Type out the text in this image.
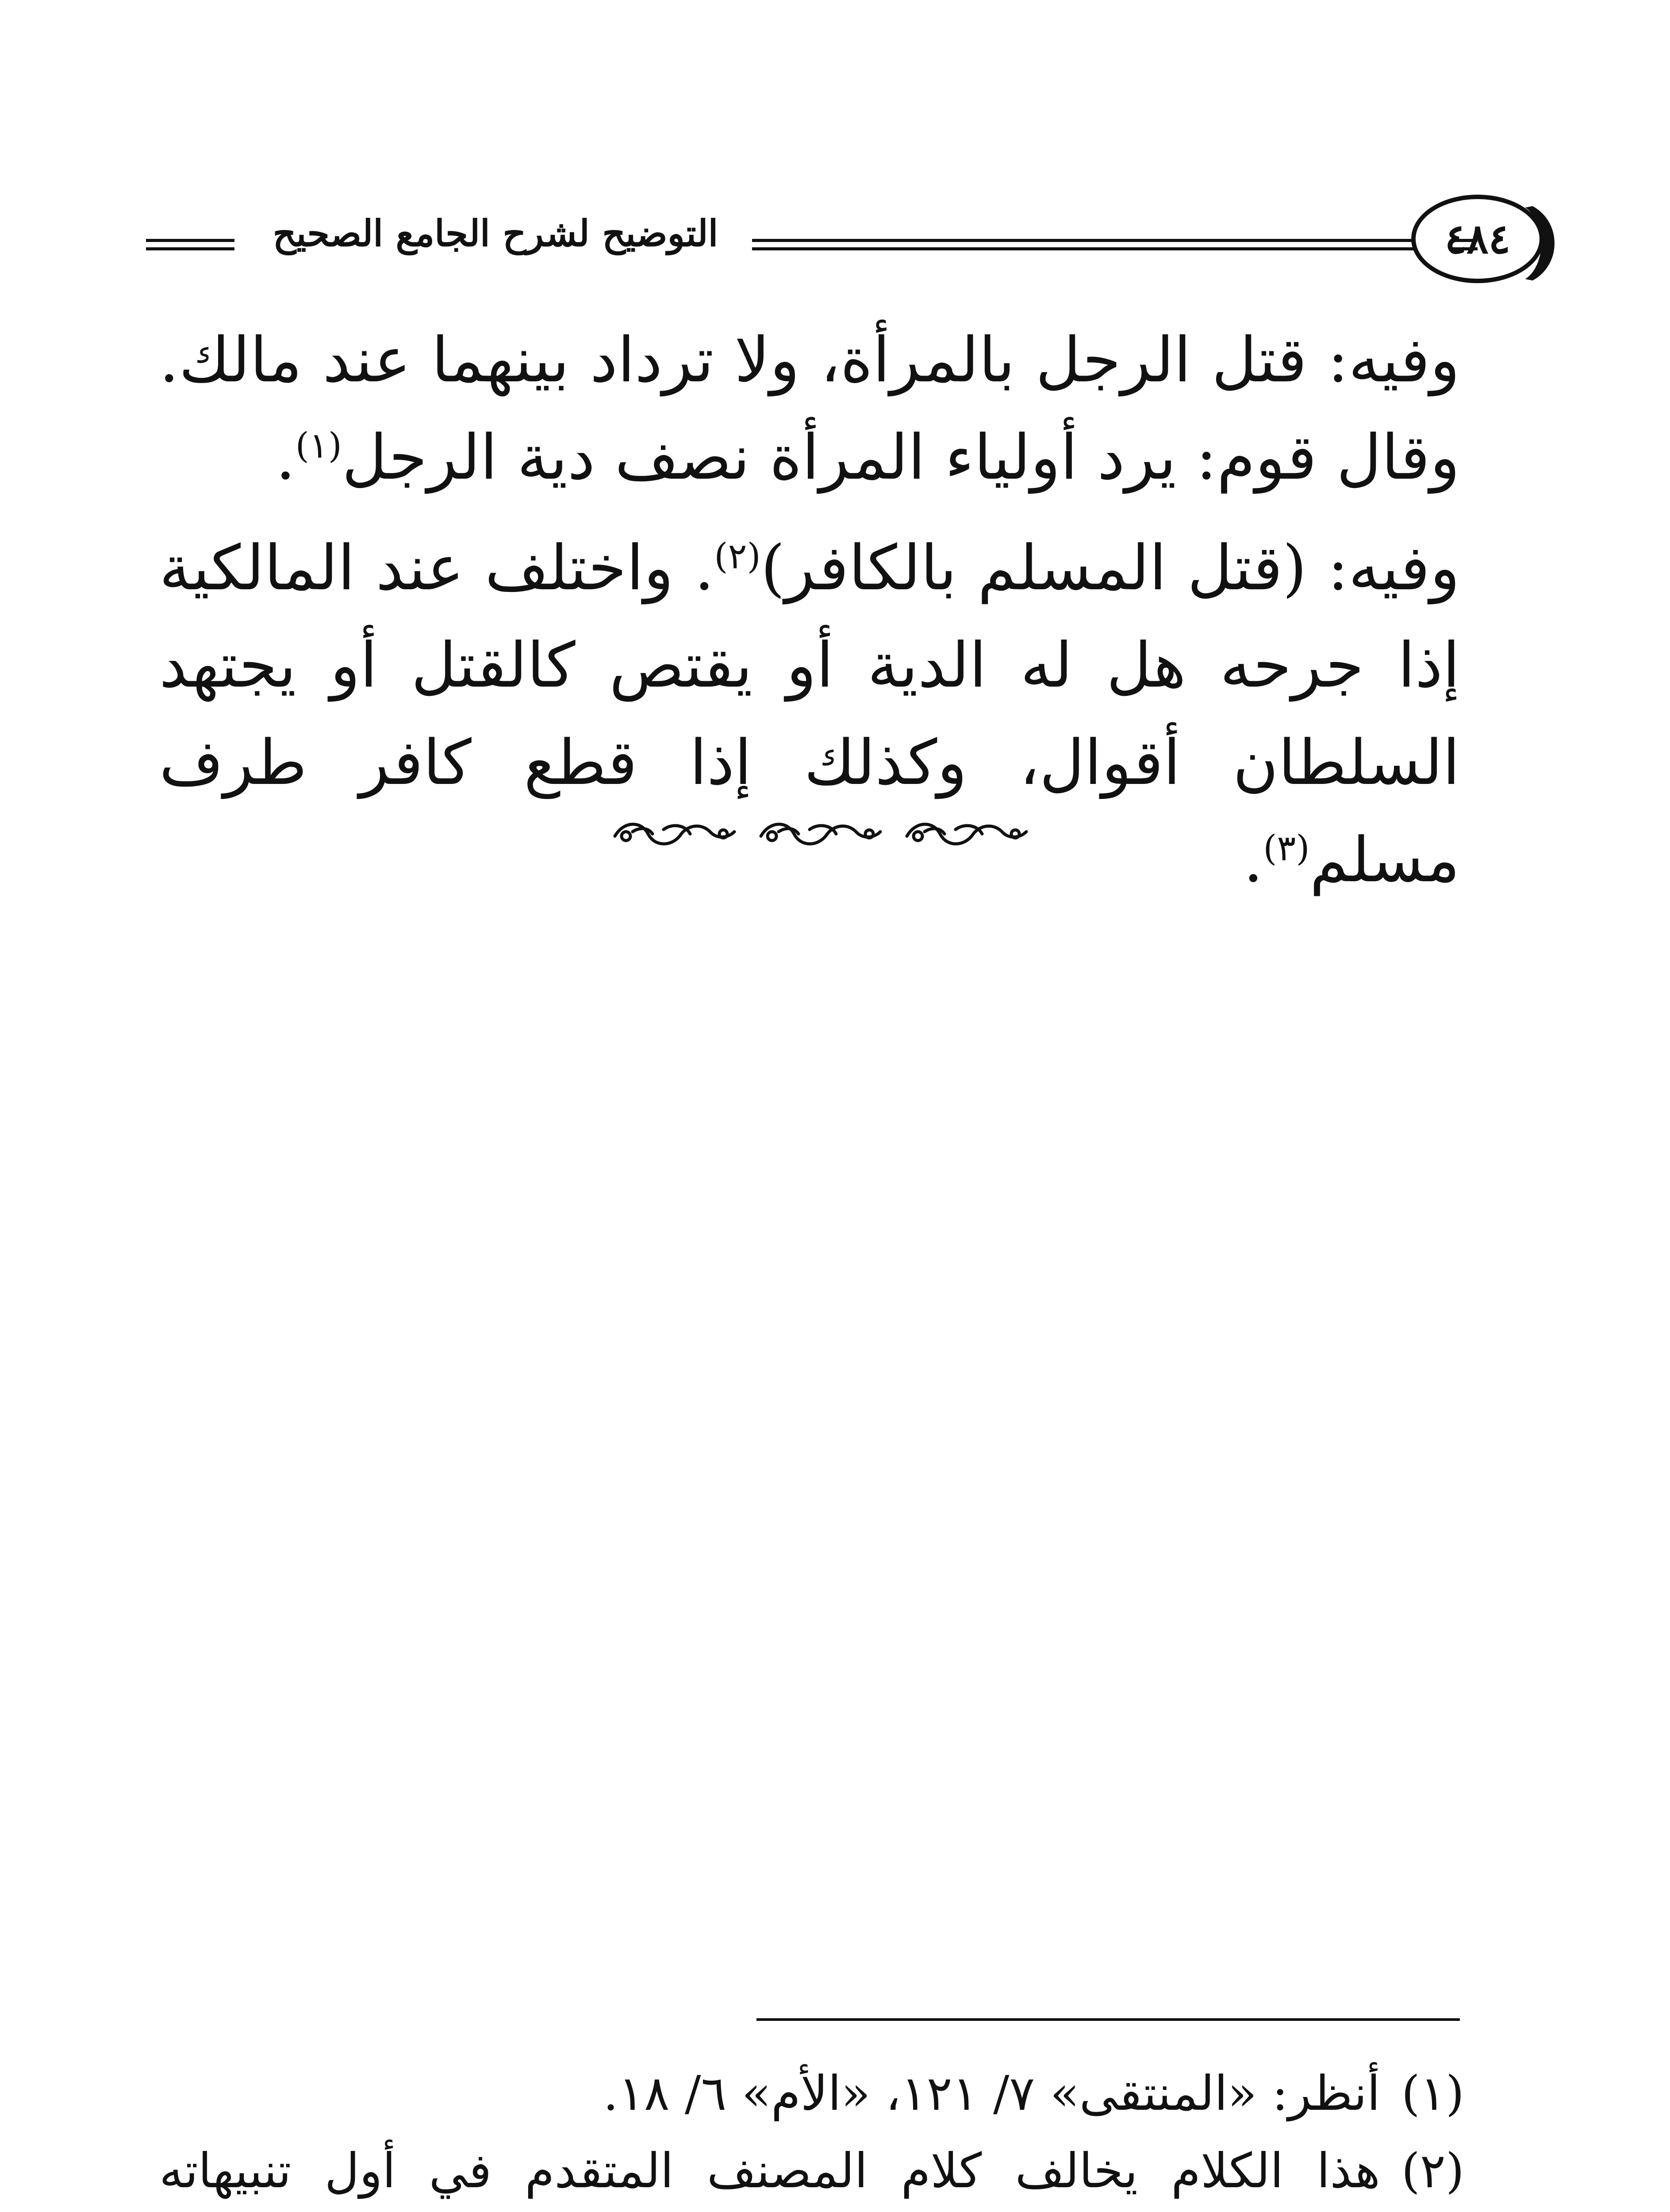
التوضيح لشرح الجامع الصحيح	٤٨٤

وفيه: قتل الرجل بالمرأة، ولا ترداد بينهما عند مالك. وقال قوم: يرد أولياء المرأة نصف دية الرجل$^{(١)}$.

وفيه: (قتل المسلم بالكافر)$^{(٢)}$. واختلف عند المالكية إذا جرحه هل له الدية أو يقتص كالقتل أو يجتهد السلطان أقوال، وكذلك إذا قطع كافر طرف مسلم$^{(٣)}$.

(١)
أنظر: «المنتقى» ٧/ ١٢١، «الأم» ٦/ ١٨.
(٢)
هذا الكلام يخالف كلام المصنف المتقدم في أول تنبيهاته
